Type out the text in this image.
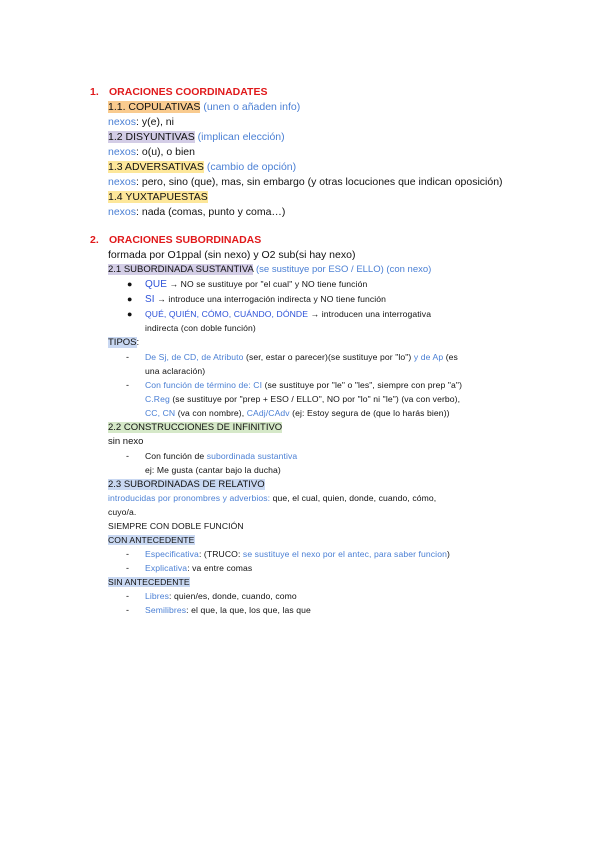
1. ORACIONES COORDINADATES
1.1. COPULATIVAS (unen o añaden info)
nexos: y(e), ni
1.2 DISYUNTIVAS (implican elección)
nexos: o(u), o bien
1.3 ADVERSATIVAS (cambio de opción)
nexos: pero, sino (que), mas, sin embargo (y otras locuciones que indican oposición)
1.4 YUXTAPUESTAS
nexos: nada (comas, punto y coma…)
2. ORACIONES SUBORDINADAS
formada por O1ppal (sin nexo) y O2 sub(si hay nexo)
2.1 SUBORDINADA SUSTANTIVA (se sustituye por ESO / ELLO) (con nexo)
● QUE → NO se sustituye por "el cual" y NO tiene función
● SI → introduce una interrogación indirecta y NO tiene función
● QUÉ, QUIÉN, CÓMO, CUÁNDO, DÓNDE → introducen una interrogativa
indirecta (con doble función)
TIPOS:
- De Sj, de CD, de Atributo (ser, estar o parecer)(se sustituye por "lo") y de Ap (es
una aclaración)
- Con función de término de: CI (se sustituye por "le" o "les", siempre con prep "a")
C.Reg (se sustituye por "prep + ESO / ELLO", NO por "lo" ni "le") (va con verbo),
CC, CN (va con nombre), CAdj/CAdv (ej: Estoy segura de (que lo harás bien))
2.2 CONSTRUCCIONES DE INFINITIVO
sin nexo
- Con función de subordinada sustantiva
ej: Me gusta (cantar bajo la ducha)
2.3 SUBORDINADAS DE RELATIVO
introducidas por pronombres y adverbios: que, el cual, quien, donde, cuando, cómo,
cuyo/a.
SIEMPRE CON DOBLE FUNCIÓN
CON ANTECEDENTE
- Especificativa: (TRUCO: se sustituye el nexo por el antec, para saber funcion)
- Explicativa: va entre comas
SIN ANTECEDENTE
- Libres: quien/es, donde, cuando, como
- Semilibres: el que, la que, los que, las que
